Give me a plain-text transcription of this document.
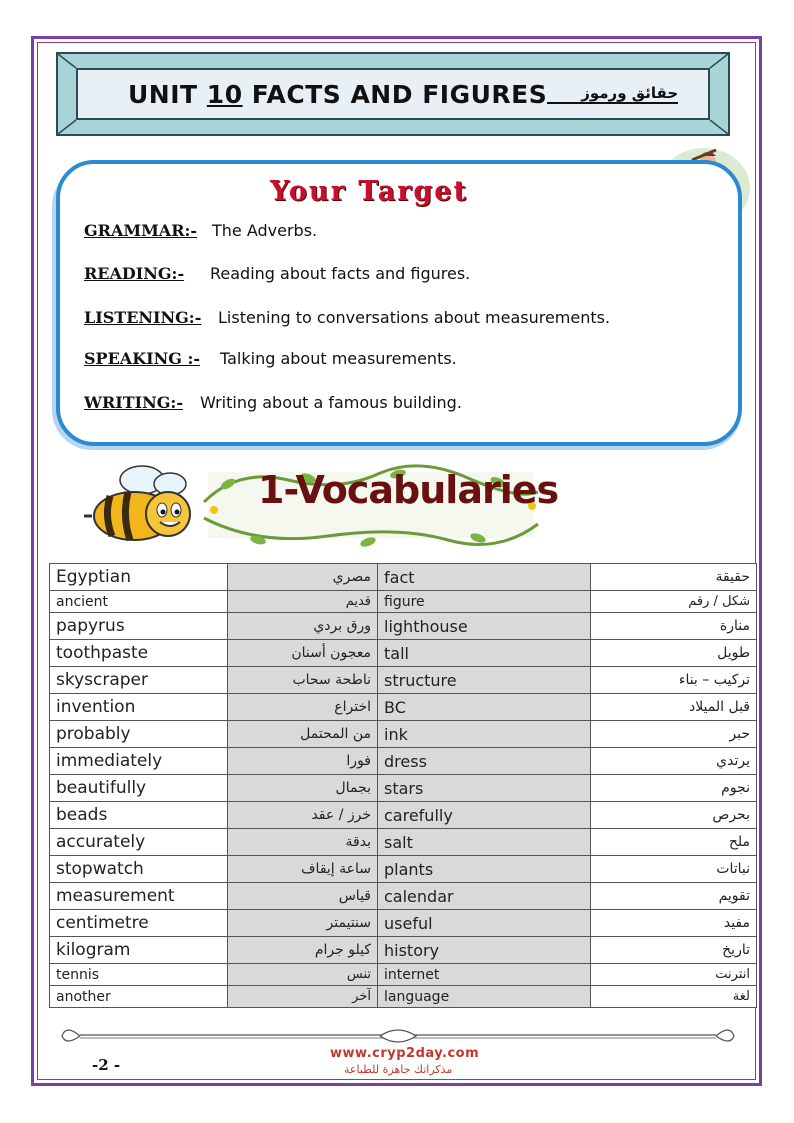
UNIT 10 FACTS AND FIGURES	حقائق ورموز
Your Target
GRAMMAR:- The Adverbs.
READING:- Reading about facts and figures.
LISTENING:- Listening to conversations about measurements.
SPEAKING :- Talking about measurements.
WRITING:- Writing about a famous building.
1-Vocabularies
Egyptian	مصري	fact	حقيقة
ancient	قديم	figure	شكل / رقم
papyrus	ورق بردي	lighthouse	منارة
toothpaste	معجون أسنان	tall	طويل
skyscraper	ناطحة سحاب	structure	تركيب – بناء
invention	اختراع	BC	قبل الميلاد
probably	من المحتمل	ink	حبر
immediately	فورا	dress	يرتدي
beautifully	بجمال	stars	نجوم
beads	خرز / عقد	carefully	بحرص
accurately	بدقة	salt	ملح
stopwatch	ساعة إيقاف	plants	نباتات
measurement	قياس	calendar	تقويم
centimetre	سنتيمتر	useful	مفيد
kilogram	كيلو جرام	history	تاريخ
tennis	تنس	internet	انترنت
another	آخر	language	لغة
www.cryp2day.com
مذكراتك جاهزة للطباعة
-2 -
